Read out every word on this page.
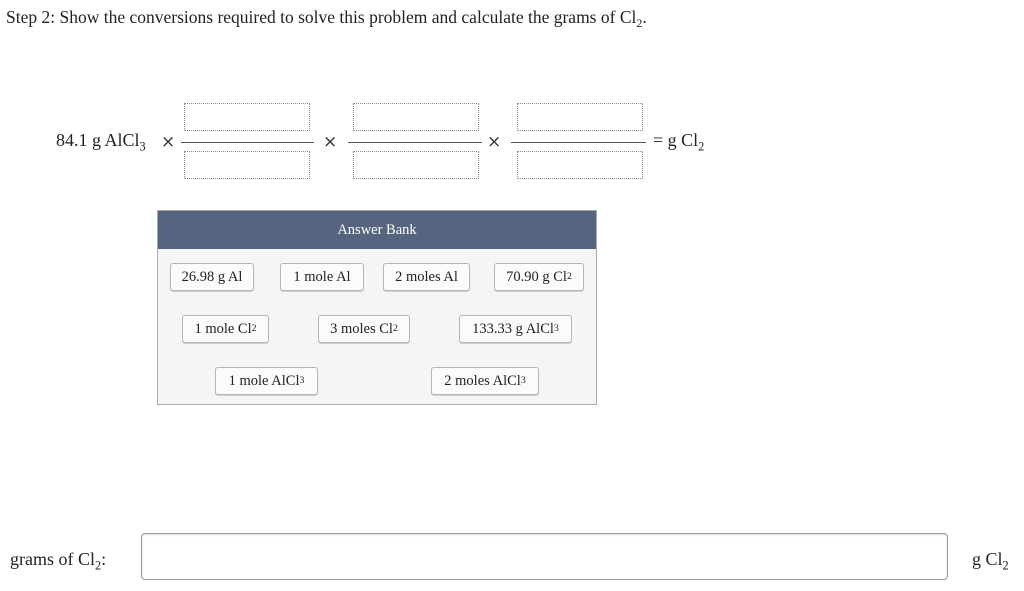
Step 2: Show the conversions required to solve this problem and calculate the grams of $Cl_2$.
84.1 g AlCl$_3$ ×	×	×	= g $Cl_2$
Answer Bank
26.98 g Al	1 mole Al	2 moles Al	70.90 g Cl 2
1 mole Cl 2	3 moles Cl 2	133.33 g AlCl 3
1 mole AlCl 3	2 moles AlCl 3
grams of $Cl_2$:	g $Cl_2$
